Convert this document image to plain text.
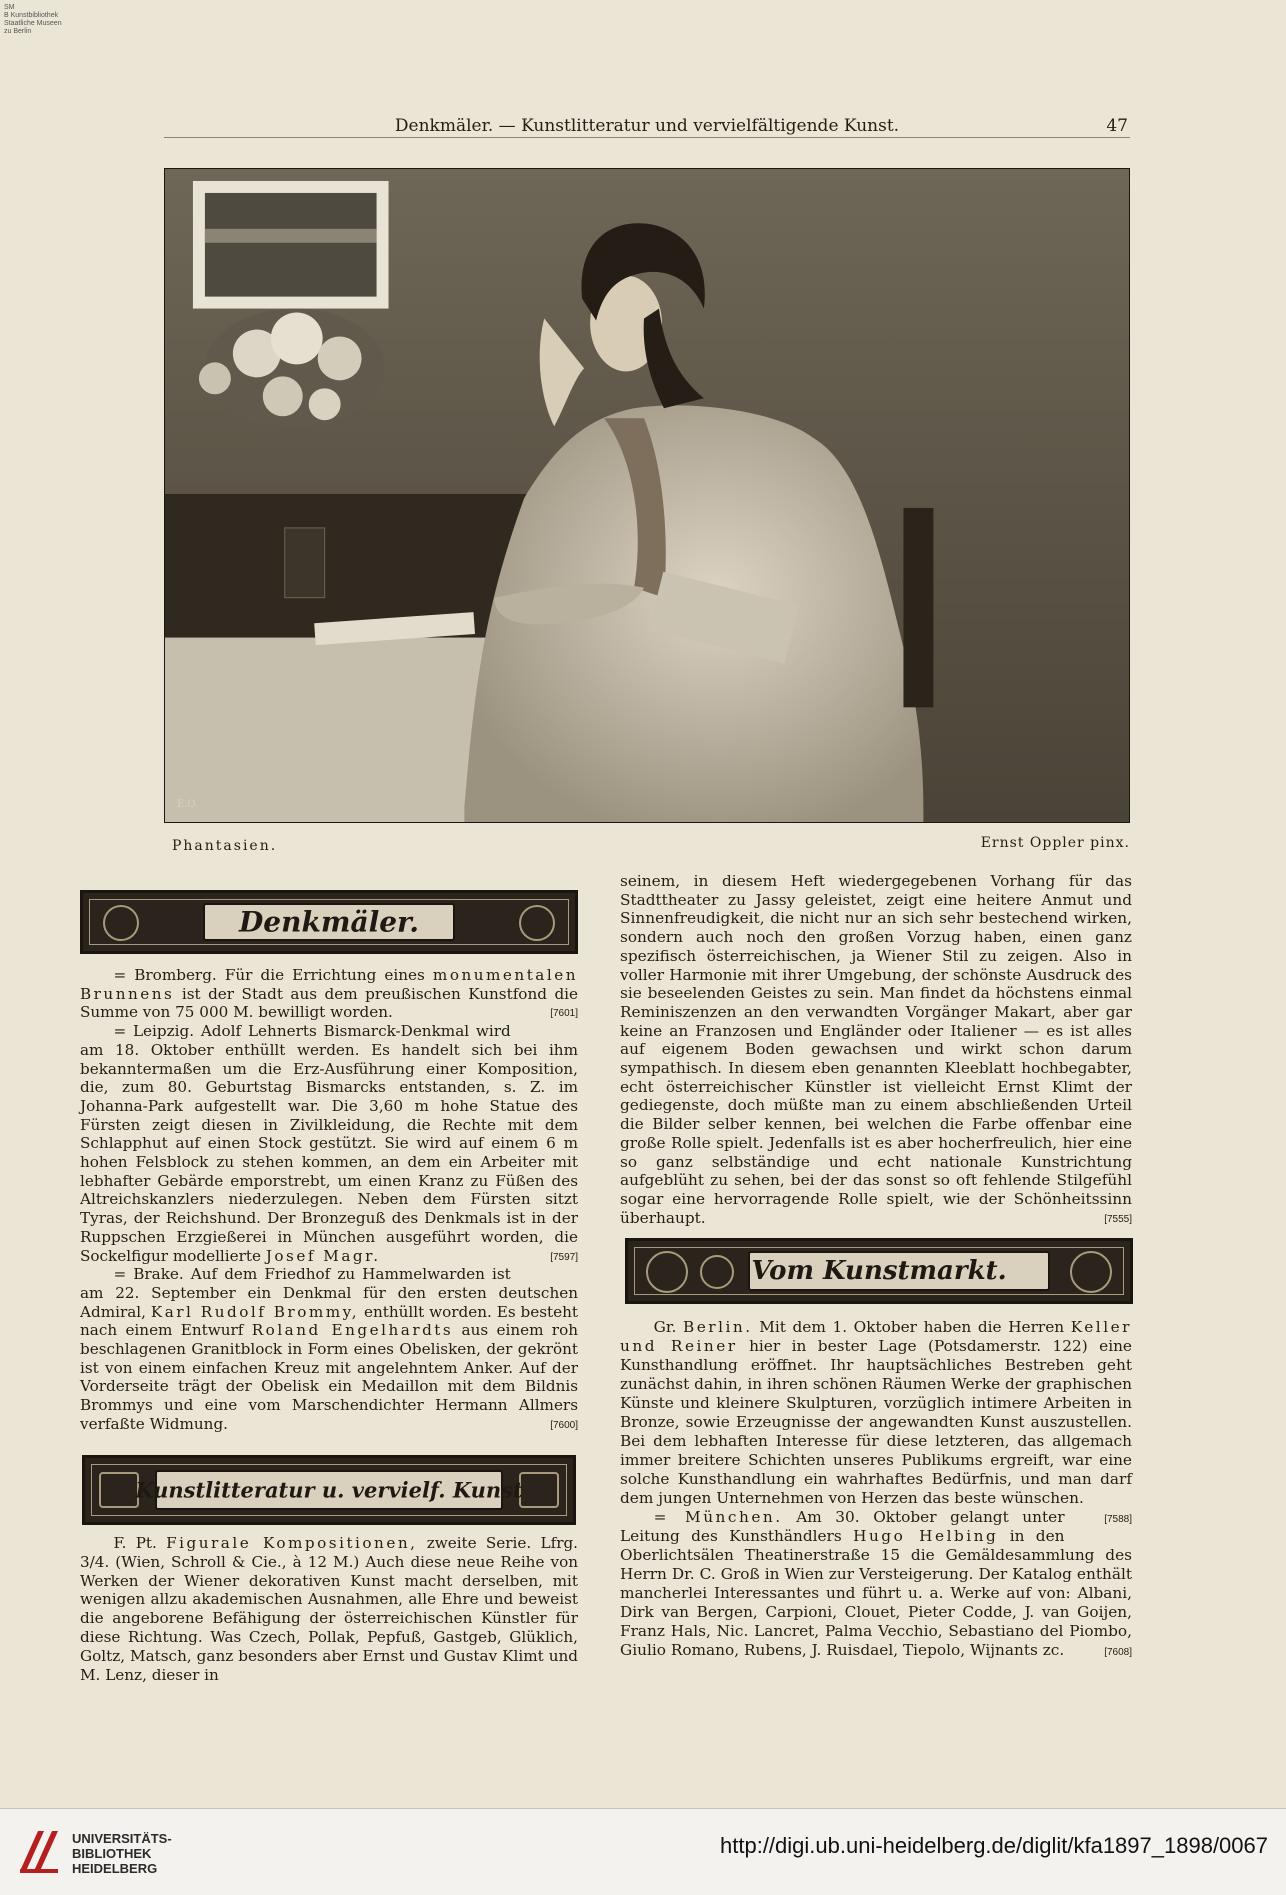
SM
B Kunstbibliothek
Staatliche Museen
zu Berlin
Denkmäler. — Kunstlitteratur und vervielfältigende Kunst.	47
E.O.
Phantasien.	Ernst Oppler pinx.
Denkmäler.
Kunstlitteratur u. vervielf. Kunst
Vom Kunstmarkt.

= Bromberg. Für die Errichtung eines monumentalen Brunnens ist der Stadt aus dem preußischen Kunstfond die Summe von 75 000 M. bewilligt worden.	[7601]

= Leipzig. Adolf Lehnerts Bismarck-Denkmal wird am 18. Oktober enthüllt werden. Es handelt sich bei ihm bekanntermaßen um die Erz-Ausführung einer Komposition, die, zum 80. Geburtstag Bismarcks entstanden, s. Z. im Johanna-Park aufgestellt war. Die 3,60 m hohe Statue des Fürsten zeigt diesen in Zivilkleidung, die Rechte mit dem Schlapphut auf einen Stock gestützt. Sie wird auf einem 6 m hohen Felsblock zu stehen kommen, an dem ein Arbeiter mit lebhafter Gebärde emporstrebt, um einen Kranz zu Füßen des Altreichskanzlers niederzulegen. Neben dem Fürsten sitzt Tyras, der Reichshund. Der Bronzeguß des Denkmals ist in der Ruppschen Erzgießerei in München ausgeführt worden, die Sockelfigur modellierte Josef Magr.	[7597]

= Brake. Auf dem Friedhof zu Hammelwarden ist am 22. September ein Denkmal für den ersten deutschen Admiral, Karl Rudolf Brommy, enthüllt worden. Es besteht nach einem Entwurf Roland Engelhardts aus einem roh beschlagenen Granitblock in Form eines Obelisken, der gekrönt ist von einem einfachen Kreuz mit angelehntem Anker. Auf der Vorderseite trägt der Obelisk ein Medaillon mit dem Bildnis Brommys und eine vom Marschendichter Hermann Allmers verfaßte Widmung.	[7600]

F. Pt. Figurale Kompositionen, zweite Serie. Lfrg. 3/4. (Wien, Schroll & Cie., à 12 M.) Auch diese neue Reihe von Werken der Wiener dekorativen Kunst macht derselben, mit wenigen allzu akademischen Ausnahmen, alle Ehre und beweist die angeborene Befähigung der österreichischen Künstler für diese Richtung. Was Czech, Pollak, Pepfuß, Gastgeb, Glüklich, Goltz, Matsch, ganz besonders aber Ernst und Gustav Klimt und M. Lenz, dieser in

seinem, in diesem Heft wiedergegebenen Vorhang für das Stadttheater zu Jassy geleistet, zeigt eine heitere Anmut und Sinnenfreudigkeit, die nicht nur an sich sehr bestechend wirken, sondern auch noch den großen Vorzug haben, einen ganz spezifisch österreichischen, ja Wiener Stil zu zeigen. Also in voller Harmonie mit ihrer Umgebung, der schönste Ausdruck des sie beseelenden Geistes zu sein. Man findet da höchstens einmal Reminiszenzen an den verwandten Vorgänger Makart, aber gar keine an Franzosen und Engländer oder Italiener — es ist alles auf eigenem Boden gewachsen und wirkt schon darum sympathisch. In diesem eben genannten Kleeblatt hochbegabter, echt österreichischer Künstler ist vielleicht Ernst Klimt der gediegenste, doch müßte man zu einem abschließenden Urteil die Bilder selber kennen, bei welchen die Farbe offenbar eine große Rolle spielt. Jedenfalls ist es aber hocherfreulich, hier eine so ganz selbständige und echt nationale Kunstrichtung aufgeblüht zu sehen, bei der das sonst so oft fehlende Stilgefühl sogar eine hervorragende Rolle spielt, wie der Schönheitssinn überhaupt.	[7555]

Gr. Berlin. Mit dem 1. Oktober haben die Herren Keller und Reiner hier in bester Lage (Potsdamerstr. 122) eine Kunsthandlung eröffnet. Ihr hauptsächliches Bestreben geht zunächst dahin, in ihren schönen Räumen Werke der graphischen Künste und kleinere Skulpturen, vorzüglich intimere Arbeiten in Bronze, sowie Erzeugnisse der angewandten Kunst auszustellen. Bei dem lebhaften Interesse für diese letzteren, das allgemach immer breitere Schichten unseres Publikums ergreift, war eine solche Kunsthandlung ein wahrhaftes Bedürfnis, und man darf dem jungen Unternehmen von Herzen das beste wünschen.
[7588]

= München. Am 30. Oktober gelangt unter Leitung des Kunsthändlers Hugo Helbing in den Oberlichtsälen Theatinerstraße 15 die Gemäldesammlung des Herrn Dr. C. Groß in Wien zur Versteigerung. Der Katalog enthält mancherlei Interessantes und führt u. a. Werke auf von: Albani, Dirk van Bergen, Carpioni, Clouet, Pieter Codde, J. van Goijen, Franz Hals, Nic. Lancret, Palma Vecchio, Sebastiano del Piombo, Giulio Romano, Rubens, J. Ruisdael, Tiepolo, Wijnants zc.	[7608]

UNIVERSITÄTS-
BIBLIOTHEK
HEIDELBERG
http://digi.ub.uni-heidelberg.de/diglit/kfa1897_1898/0067
